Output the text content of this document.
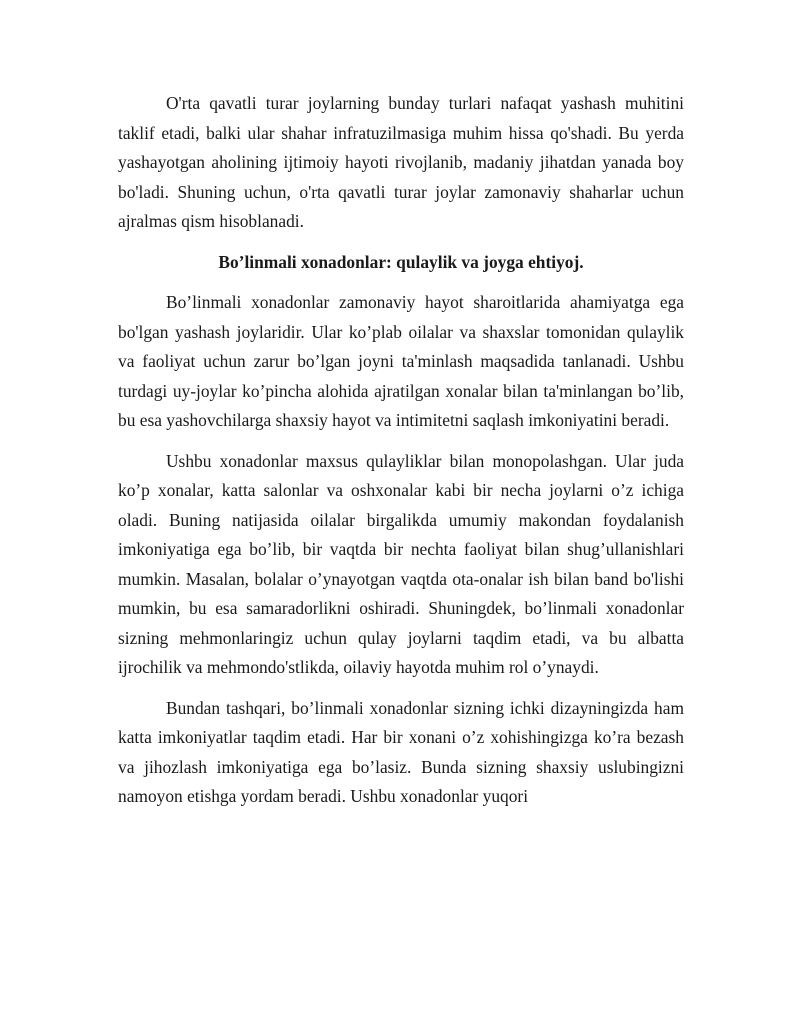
O'rta qavatli turar joylarning bunday turlari nafaqat yashash muhitini taklif etadi, balki ular shahar infratuzilmasiga muhim hissa qo'shadi. Bu yerda yashayotgan aholining ijtimoiy hayoti rivojlanib, madaniy jihatdan yanada boy bo'ladi. Shuning uchun, o'rta qavatli turar joylar zamonaviy shaharlar uchun ajralmas qism hisoblanadi.

Bo’linmali xonadonlar: qulaylik va joyga ehtiyoj.

Bo’linmali xonadonlar zamonaviy hayot sharoitlarida ahamiyatga ega bo'lgan yashash joylaridir. Ular ko’plab oilalar va shaxslar tomonidan qulaylik va faoliyat uchun zarur bo’lgan joyni ta'minlash maqsadida tanlanadi. Ushbu turdagi uy-joylar ko’pincha alohida ajratilgan xonalar bilan ta'minlangan bo’lib, bu esa yashovchilarga shaxsiy hayot va intimitetni saqlash imkoniyatini beradi.

Ushbu xonadonlar maxsus qulayliklar bilan monopolashgan. Ular juda ko’p xonalar, katta salonlar va oshxonalar kabi bir necha joylarni o’z ichiga oladi. Buning natijasida oilalar birgalikda umumiy makondan foydalanish imkoniyatiga ega bo’lib, bir vaqtda bir nechta faoliyat bilan shug’ullanishlari mumkin. Masalan, bolalar o’ynayotgan vaqtda ota-onalar ish bilan band bo'lishi mumkin, bu esa samaradorlikni oshiradi. Shuningdek, bo’linmali xonadonlar sizning mehmonlaringiz uchun qulay joylarni taqdim etadi, va bu albatta ijrochilik va mehmondo'stlikda, oilaviy hayotda muhim rol o’ynaydi.

Bundan tashqari, bo’linmali xonadonlar sizning ichki dizayningizda ham katta imkoniyatlar taqdim etadi. Har bir xonani o’z xohishingizga ko’ra bezash va jihozlash imkoniyatiga ega bo’lasiz. Bunda sizning shaxsiy uslubingizni namoyon etishga yordam beradi. Ushbu xonadonlar yuqori
